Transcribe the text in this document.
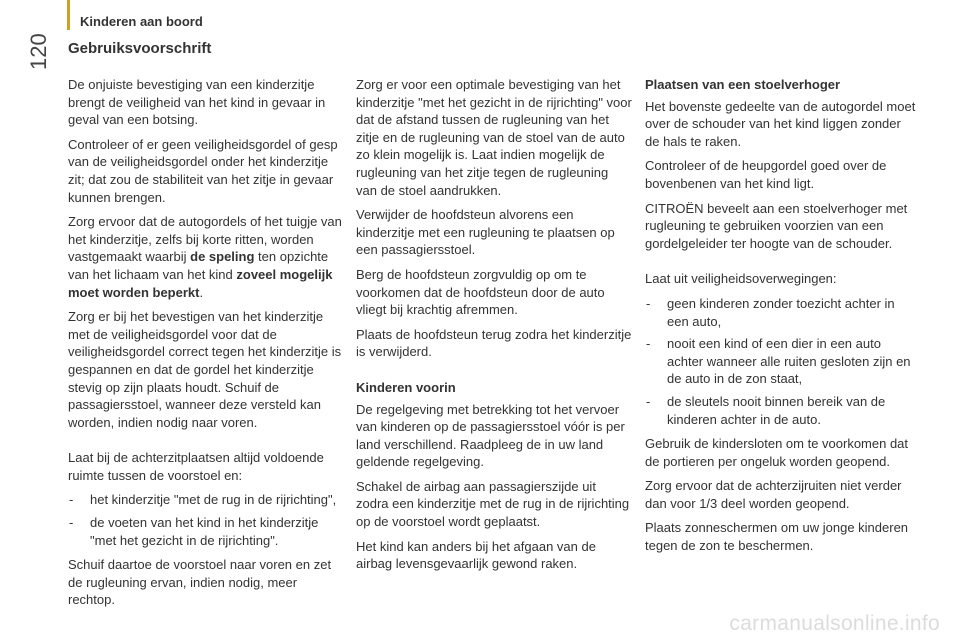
Kinderen aan boord
120 Gebruiksvoorschrift

De onjuiste bevestiging van een kinderzitje brengt de veiligheid van het kind in gevaar in geval van een botsing.

Controleer of er geen veiligheidsgordel of gesp van de veiligheidsgordel onder het kinderzitje zit; dat zou de stabiliteit van het zitje in gevaar kunnen brengen.

Zorg ervoor dat de autogordels of het tuigje van het kinderzitje, zelfs bij korte ritten, worden vastgemaakt waarbij de speling ten opzichte van het lichaam van het kind zoveel mogelijk moet worden beperkt.

Zorg er bij het bevestigen van het kinderzitje met de veiligheidsgordel voor dat de veiligheidsgordel correct tegen het kinderzitje is gespannen en dat de gordel het kinderzitje stevig op zijn plaats houdt. Schuif de passagiersstoel, wanneer deze versteld kan worden, indien nodig naar voren.

Laat bij de achterzitplaatsen altijd voldoende ruimte tussen de voorstoel en:

- het kinderzitje "met de rug in de rijrichting",
- de voeten van het kind in het kinderzitje "met het gezicht in de rijrichting".

Schuif daartoe de voorstoel naar voren en zet de rugleuning ervan, indien nodig, meer rechtop.

Zorg er voor een optimale bevestiging van het kinderzitje "met het gezicht in de rijrichting" voor dat de afstand tussen de rugleuning van het zitje en de rugleuning van de stoel van de auto zo klein mogelijk is. Laat indien mogelijk de rugleuning van het zitje tegen de rugleuning van de stoel aandrukken.

Verwijder de hoofdsteun alvorens een kinderzitje met een rugleuning te plaatsen op een passagiersstoel.

Berg de hoofdsteun zorgvuldig op om te voorkomen dat de hoofdsteun door de auto vliegt bij krachtig afremmen.

Plaats de hoofdsteun terug zodra het kinderzitje is verwijderd.

Kinderen voorin

De regelgeving met betrekking tot het vervoer van kinderen op de passagiersstoel vóór is per land verschillend. Raadpleeg de in uw land geldende regelgeving.

Schakel de airbag aan passagierszijde uit zodra een kinderzitje met de rug in de rijrichting op de voorstoel wordt geplaatst.

Het kind kan anders bij het afgaan van de airbag levensgevaarlijk gewond raken.

Plaatsen van een stoelverhoger

Het bovenste gedeelte van de autogordel moet over de schouder van het kind liggen zonder de hals te raken.

Controleer of de heupgordel goed over de bovenbenen van het kind ligt.

CITROËN beveelt aan een stoelverhoger met rugleuning te gebruiken voorzien van een gordelgeleider ter hoogte van de schouder.

Laat uit veiligheidsoverwegingen:

- geen kinderen zonder toezicht achter in een auto,
- nooit een kind of een dier in een auto achter wanneer alle ruiten gesloten zijn en de auto in de zon staat,
- de sleutels nooit binnen bereik van de kinderen achter in de auto.

Gebruik de kindersloten om te voorkomen dat de portieren per ongeluk worden geopend.

Zorg ervoor dat de achterzijruiten niet verder dan voor 1/3 deel worden geopend.

Plaats zonneschermen om uw jonge kinderen tegen de zon te beschermen.

carmanualsonline.info
